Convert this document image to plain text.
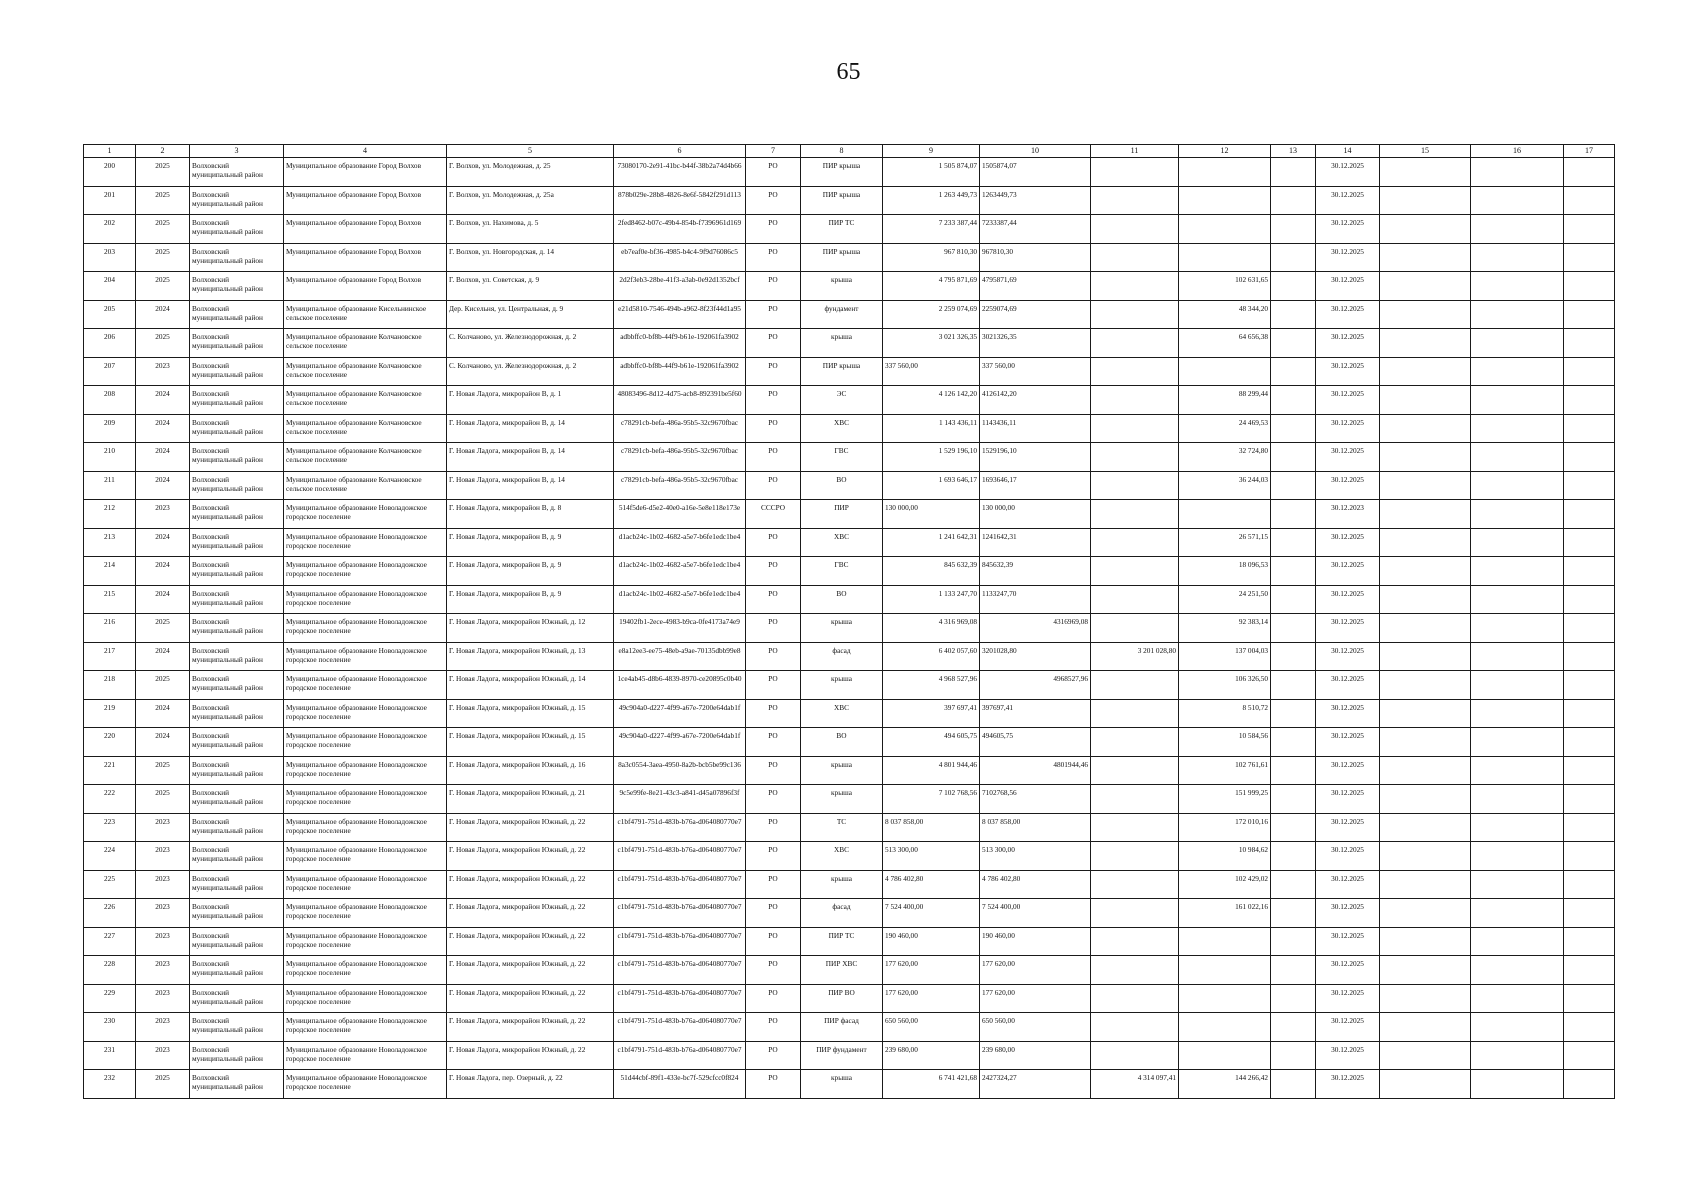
65
1	2	3	4	5	6	7	8	9	10	11	12	13	14	15	16	17
200	2025	Волховский муниципальный район	Муниципальное образование Город Волхов	Г. Волхов, ул. Молодежная, д. 25	73080170-2e91-41bc-b44f-38b2a74d4b66	РО	ПИР крыша	1 505 874,07	1505874,07				30.12.2025			
201	2025	Волховский муниципальный район	Муниципальное образование Город Волхов	Г. Волхов, ул. Молодежная, д. 25а	878b029e-28b8-4826-8e6f-5842f291d113	РО	ПИР крыша	1 263 449,73	1263449,73				30.12.2025			
202	2025	Волховский муниципальный район	Муниципальное образование Город Волхов	Г. Волхов, ул. Нахимова, д. 5	2fed8462-b07c-49b4-854b-f7396961d169	РО	ПИР ТС	7 233 387,44	7233387,44				30.12.2025			
203	2025	Волховский муниципальный район	Муниципальное образование Город Волхов	Г. Волхов, ул. Новгородская, д. 14	eb7eaf0e-bf36-4985-b4c4-9f9d76086c5	РО	ПИР крыша	967 810,30	967810,30				30.12.2025			
204	2025	Волховский муниципальный район	Муниципальное образование Город Волхов	Г. Волхов, ул. Советская, д. 9	2d2f3eb3-28be-41f3-a3ab-0e92d1352bcf	РО	крыша	4 795 871,69	4795871,69		102 631,65		30.12.2025			
205	2024	Волховский муниципальный район	Муниципальное образование Кисельнинское сельское поселение	Дер. Кисельня, ул. Центральная, д. 9	e21d5810-7546-494b-a962-8f23f44d1a95	РО	фундамент	2 259 074,69	2259074,69		48 344,20		30.12.2025			
206	2025	Волховский муниципальный район	Муниципальное образование Колчановское сельское поселение	С. Колчаново, ул. Железнодорожная, д. 2	adbbffc0-bf8b-44f9-b61e-192061fa3902	РО	крыша	3 021 326,35	3021326,35		64 656,38		30.12.2025			
207	2023	Волховский муниципальный район	Муниципальное образование Колчановское сельское поселение	С. Колчаново, ул. Железнодорожная, д. 2	adbbffc0-bf8b-44f9-b61e-192061fa3902	РО	ПИР крыша	337 560,00	337 560,00				30.12.2025			
208	2024	Волховский муниципальный район	Муниципальное образование Колчановское сельское поселение	Г. Новая Ладога, микрорайон В, д. 1	48083496-8d12-4d75-acb8-892391be5f60	РО	ЭС	4 126 142,20	4126142,20		88 299,44		30.12.2025			
209	2024	Волховский муниципальный район	Муниципальное образование Колчановское сельское поселение	Г. Новая Ладога, микрорайон В, д. 14	c78291cb-befa-486a-95b5-32c9670fbac	РО	ХВС	1 143 436,11	1143436,11		24 469,53		30.12.2025			
210	2024	Волховский муниципальный район	Муниципальное образование Колчановское сельское поселение	Г. Новая Ладога, микрорайон В, д. 14	c78291cb-befa-486a-95b5-32c9670fbac	РО	ГВС	1 529 196,10	1529196,10		32 724,80		30.12.2025			
211	2024	Волховский муниципальный район	Муниципальное образование Колчановское сельское поселение	Г. Новая Ладога, микрорайон В, д. 14	c78291cb-befa-486a-95b5-32c9670fbac	РО	ВО	1 693 646,17	1693646,17		36 244,03		30.12.2025			
212	2023	Волховский муниципальный район	Муниципальное образование Новоладожское городское поселение	Г. Новая Ладога, микрорайон В, д. 8	514f5de6-d5e2-40e0-a16e-5e8e118e173e	СССРО	ПИР	130 000,00	130 000,00				30.12.2023			
213	2024	Волховский муниципальный район	Муниципальное образование Новоладожское городское поселение	Г. Новая Ладога, микрорайон В, д. 9	d1acb24c-1b02-4682-a5e7-b6fe1edc1be4	РО	ХВС	1 241 642,31	1241642,31		26 571,15		30.12.2025			
214	2024	Волховский муниципальный район	Муниципальное образование Новоладожское городское поселение	Г. Новая Ладога, микрорайон В, д. 9	d1acb24c-1b02-4682-a5e7-b6fe1edc1be4	РО	ГВС	845 632,39	845632,39		18 096,53		30.12.2025			
215	2024	Волховский муниципальный район	Муниципальное образование Новоладожское городское поселение	Г. Новая Ладога, микрорайон В, д. 9	d1acb24c-1b02-4682-a5e7-b6fe1edc1be4	РО	ВО	1 133 247,70	1133247,70		24 251,50		30.12.2025			
216	2025	Волховский муниципальный район	Муниципальное образование Новоладожское городское поселение	Г. Новая Ладога, микрорайон Южный, д. 12	19402fb1-2ece-4983-b9ca-0fe4173a74e9	РО	крыша	4 316 969,08	4316969,08		92 383,14		30.12.2025			
217	2024	Волховский муниципальный район	Муниципальное образование Новоладожское городское поселение	Г. Новая Ладога, микрорайон Южный, д. 13	e8a12ee3-ee75-48eb-a9ae-70135dbb99e8	РО	фасад	6 402 057,60	3201028,80	3 201 028,80	137 004,03		30.12.2025			
218	2025	Волховский муниципальный район	Муниципальное образование Новоладожское городское поселение	Г. Новая Ладога, микрорайон Южный, д. 14	1ce4ab45-d8b6-4839-8970-ce20895c0b40	РО	крыша	4 968 527,96	4968527,96		106 326,50		30.12.2025			
219	2024	Волховский муниципальный район	Муниципальное образование Новоладожское городское поселение	Г. Новая Ладога, микрорайон Южный, д. 15	49c904a0-d227-4f99-a67e-7200e64dab1f	РО	ХВС	397 697,41	397697,41		8 510,72		30.12.2025			
220	2024	Волховский муниципальный район	Муниципальное образование Новоладожское городское поселение	Г. Новая Ладога, микрорайон Южный, д. 15	49c904a0-d227-4f99-a67e-7200e64dab1f	РО	ВО	494 605,75	494605,75		10 584,56		30.12.2025			
221	2025	Волховский муниципальный район	Муниципальное образование Новоладожское городское поселение	Г. Новая Ладога, микрорайон Южный, д. 16	8a3c0554-3aea-4950-8a2b-bcb5be99c136	РО	крыша	4 801 944,46	4801944,46		102 761,61		30.12.2025			
222	2025	Волховский муниципальный район	Муниципальное образование Новоладожское городское поселение	Г. Новая Ладога, микрорайон Южный, д. 21	9c5e99fe-8e21-43c3-a841-d45a07896f3f	РО	крыша	7 102 768,56	7102768,56		151 999,25		30.12.2025			
223	2023	Волховский муниципальный район	Муниципальное образование Новоладожское городское поселение	Г. Новая Ладога, микрорайон Южный, д. 22	c1bf4791-751d-483b-b76a-d064080770e7	РО	ТС	8 037 858,00	8 037 858,00		172 010,16		30.12.2025			
224	2023	Волховский муниципальный район	Муниципальное образование Новоладожское городское поселение	Г. Новая Ладога, микрорайон Южный, д. 22	c1bf4791-751d-483b-b76a-d064080770e7	РО	ХВС	513 300,00	513 300,00		10 984,62		30.12.2025			
225	2023	Волховский муниципальный район	Муниципальное образование Новоладожское городское поселение	Г. Новая Ладога, микрорайон Южный, д. 22	c1bf4791-751d-483b-b76a-d064080770e7	РО	крыша	4 786 402,80	4 786 402,80		102 429,02		30.12.2025			
226	2023	Волховский муниципальный район	Муниципальное образование Новоладожское городское поселение	Г. Новая Ладога, микрорайон Южный, д. 22	c1bf4791-751d-483b-b76a-d064080770e7	РО	фасад	7 524 400,00	7 524 400,00		161 022,16		30.12.2025			
227	2023	Волховский муниципальный район	Муниципальное образование Новоладожское городское поселение	Г. Новая Ладога, микрорайон Южный, д. 22	c1bf4791-751d-483b-b76a-d064080770e7	РО	ПИР ТС	190 460,00	190 460,00				30.12.2025			
228	2023	Волховский муниципальный район	Муниципальное образование Новоладожское городское поселение	Г. Новая Ладога, микрорайон Южный, д. 22	c1bf4791-751d-483b-b76a-d064080770e7	РО	ПИР ХВС	177 620,00	177 620,00				30.12.2025			
229	2023	Волховский муниципальный район	Муниципальное образование Новоладожское городское поселение	Г. Новая Ладога, микрорайон Южный, д. 22	c1bf4791-751d-483b-b76a-d064080770e7	РО	ПИР ВО	177 620,00	177 620,00				30.12.2025			
230	2023	Волховский муниципальный район	Муниципальное образование Новоладожское городское поселение	Г. Новая Ладога, микрорайон Южный, д. 22	c1bf4791-751d-483b-b76a-d064080770e7	РО	ПИР фасад	650 560,00	650 560,00				30.12.2025			
231	2023	Волховский муниципальный район	Муниципальное образование Новоладожское городское поселение	Г. Новая Ладога, микрорайон Южный, д. 22	c1bf4791-751d-483b-b76a-d064080770e7	РО	ПИР фундамент	239 680,00	239 680,00				30.12.2025			
232	2025	Волховский муниципальный район	Муниципальное образование Новоладожское городское поселение	Г. Новая Ладога, пер. Озерный, д. 22	51d44cbf-89f1-433e-bc7f-529cfcc0f824	РО	крыша	6 741 421,68	2427324,27	4 314 097,41	144 266,42		30.12.2025			
